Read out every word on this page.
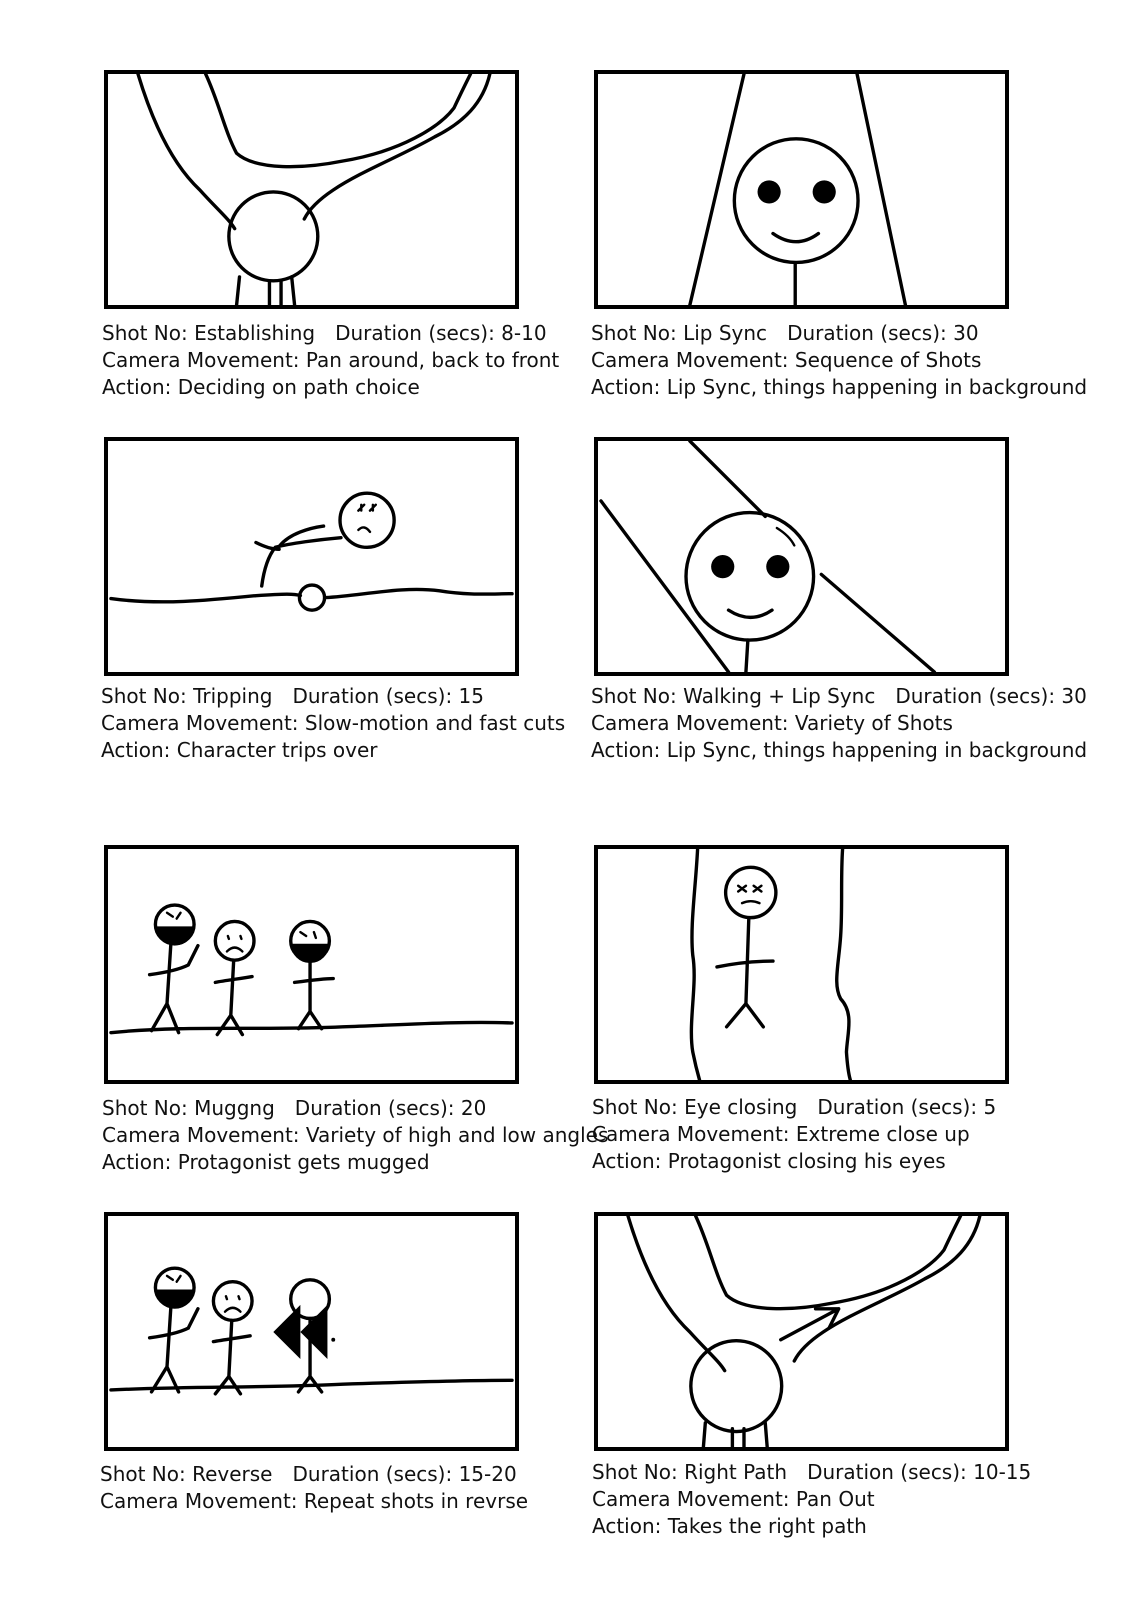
Shot No: Establishing Duration (secs): 8-10
Camera Movement: Pan around, back to front
Action: Deciding on path choice
Shot No: Lip Sync Duration (secs): 30
Camera Movement: Sequence of Shots
Action: Lip Sync, things happening in background
Shot No: Tripping Duration (secs): 15
Camera Movement: Slow-motion and fast cuts
Action: Character trips over
Shot No: Walking + Lip Sync Duration (secs): 30
Camera Movement: Variety of Shots
Action: Lip Sync, things happening in background
Shot No: Muggng Duration (secs): 20
Camera Movement: Variety of high and low angles
Action: Protagonist gets mugged
Shot No: Eye closing Duration (secs): 5
Camera Movement: Extreme close up
Action: Protagonist closing his eyes
Shot No: Reverse Duration (secs): 15-20
Camera Movement: Repeat shots in revrse
Shot No: Right Path Duration (secs): 10-15
Camera Movement: Pan Out
Action: Takes the right path
